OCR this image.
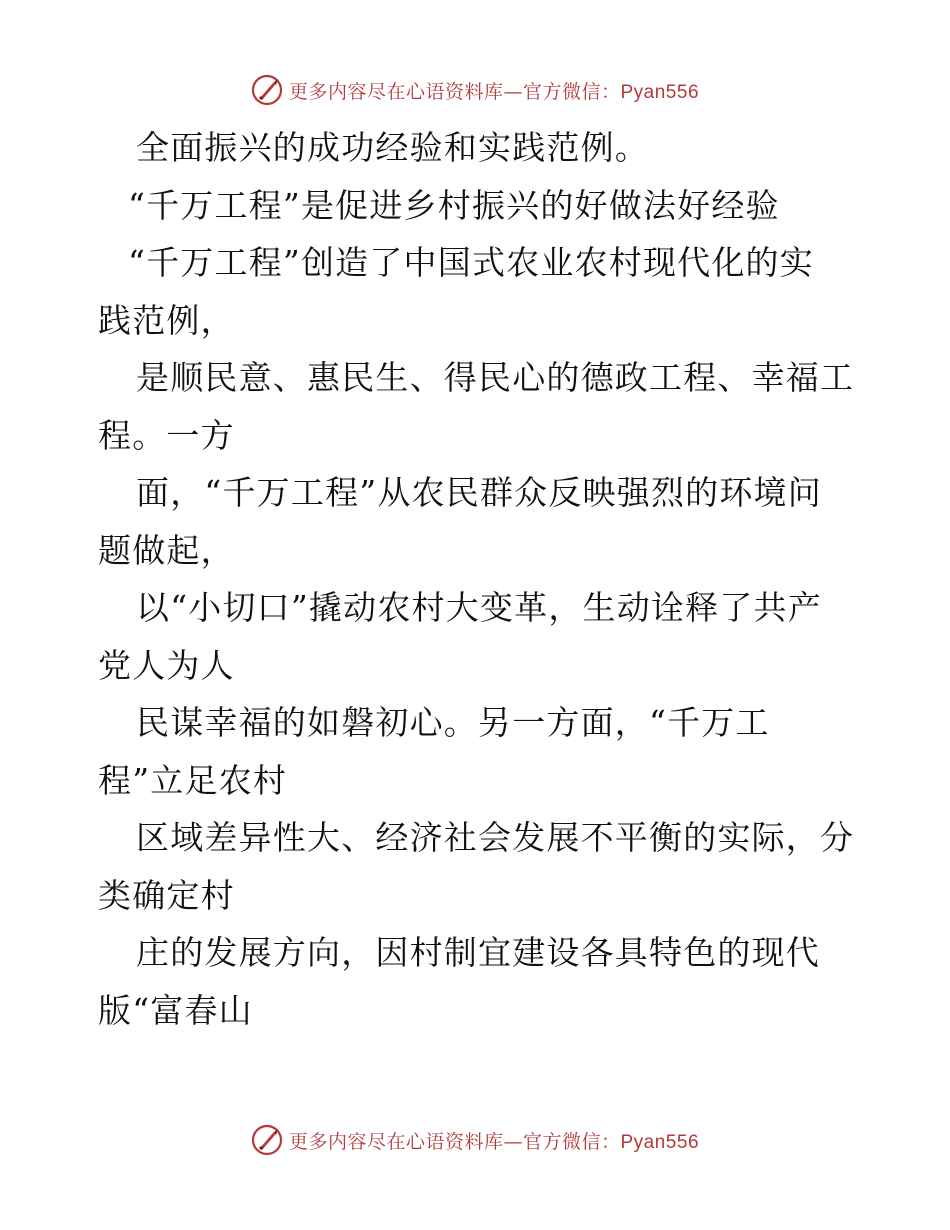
更多内容尽在心语资料库—官方微信：Pyan556
全面振兴的成功经验和实践范例。
“千万工程”是促进乡村振兴的好做法好经验
“千万工程”创造了中国式农业农村现代化的实
践范例，
是顺民意、惠民生、得民心的德政工程、幸福工
程。一方
面，“千万工程”从农民群众反映强烈的环境问
题做起，
以“小切口”撬动农村大变革，生动诠释了共产
党人为人
民谋幸福的如磐初心。另一方面，“千万工
程”立足农村
区域差异性大、经济社会发展不平衡的实际，分
类确定村
庄的发展方向，因村制宜建设各具特色的现代
版“富春山
更多内容尽在心语资料库—官方微信：Pyan556
